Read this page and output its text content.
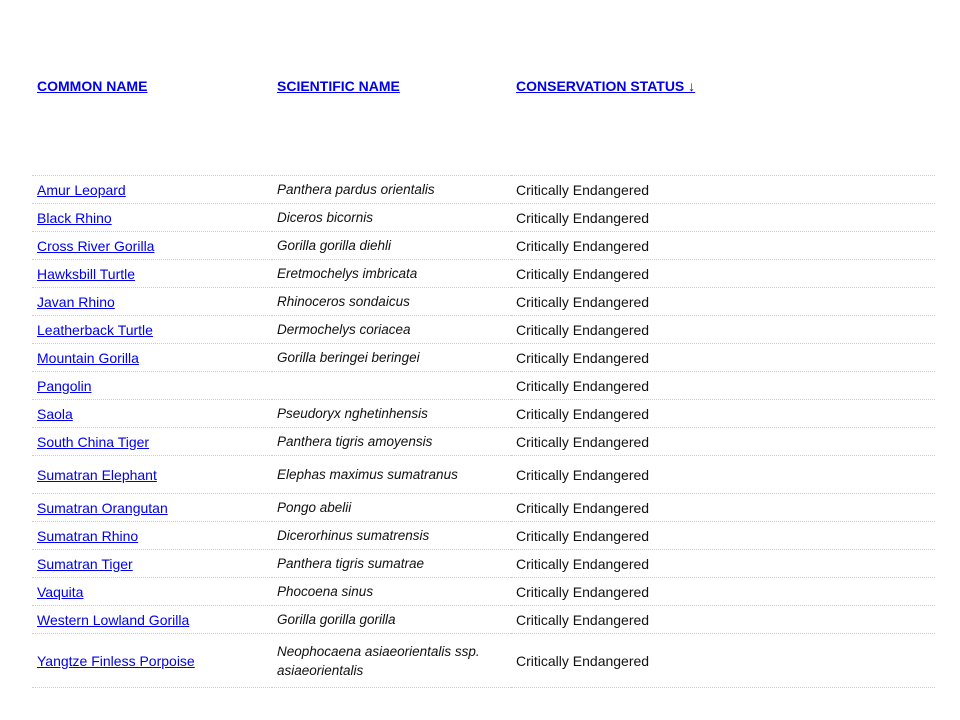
COMMON NAME	SCIENTIFIC NAME	CONSERVATION STATUS ↓

Amur Leopard	Panthera pardus orientalis	Critically Endangered
Black Rhino	Diceros bicornis	Critically Endangered
Cross River Gorilla	Gorilla gorilla diehli	Critically Endangered
Hawksbill Turtle	Eretmochelys imbricata	Critically Endangered
Javan Rhino	Rhinoceros sondaicus	Critically Endangered
Leatherback Turtle	Dermochelys coriacea	Critically Endangered
Mountain Gorilla	Gorilla beringei beringei	Critically Endangered
Pangolin		Critically Endangered
Saola	Pseudoryx nghetinhensis	Critically Endangered
South China Tiger	Panthera tigris amoyensis	Critically Endangered
Sumatran Elephant	Elephas maximus sumatranus	Critically Endangered
Sumatran Orangutan	Pongo abelii	Critically Endangered
Sumatran Rhino	Dicerorhinus sumatrensis	Critically Endangered
Sumatran Tiger	Panthera tigris sumatrae	Critically Endangered
Vaquita	Phocoena sinus	Critically Endangered
Western Lowland Gorilla	Gorilla gorilla gorilla	Critically Endangered
Yangtze Finless Porpoise	Neophocaena asiaeorientalis ssp. asiaeorientalis	Critically Endangered
